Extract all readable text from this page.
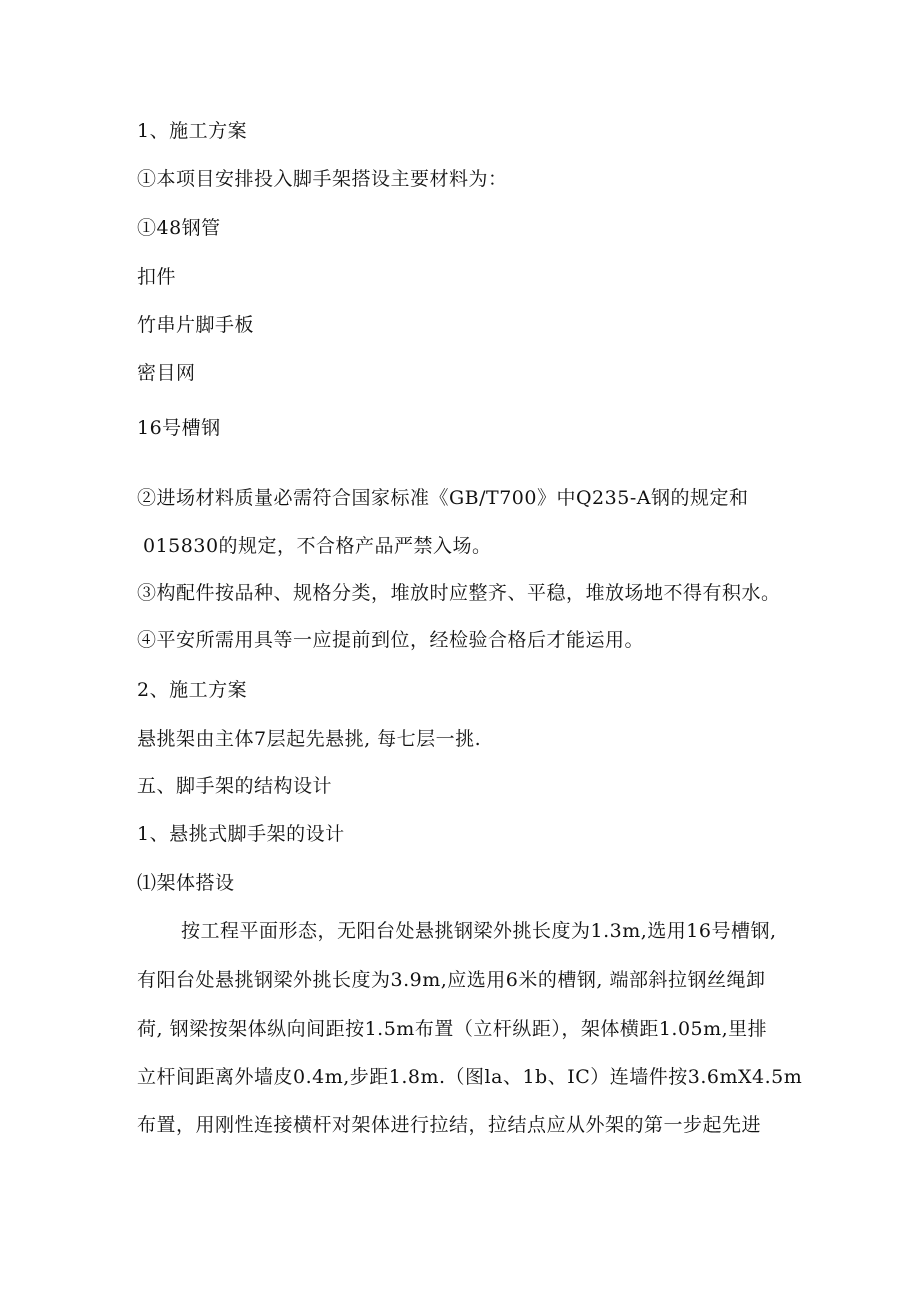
1、施工方案
①本项目安排投入脚手架搭设主要材料为：
①48钢管
扣件
竹串片脚手板
密目网
16号槽钢
②进场材料质量必需符合国家标准《GB/T700》中Q235-A钢的规定和
015830的规定，不合格产品严禁入场。
③构配件按品种、规格分类，堆放时应整齐、平稳，堆放场地不得有积水。
④平安所需用具等一应提前到位，经检验合格后才能运用。
2、施工方案
悬挑架由主体7层起先悬挑, 每七层一挑.
五、脚手架的结构设计
1、悬挑式脚手架的设计
⑴架体搭设
按工程平面形态，无阳台处悬挑钢梁外挑长度为1.3m,选用16号槽钢,
有阳台处悬挑钢梁外挑长度为3.9m,应选用6米的槽钢, 端部斜拉钢丝绳卸
荷, 钢梁按架体纵向间距按1.5m布置（立杆纵距），架体横距1.05m,里排
立杆间距离外墙皮0.4m,步距1.8m.（图la、1b、IC）连墙件按3.6mX4.5m
布置，用刚性连接横杆对架体进行拉结，拉结点应从外架的第一步起先进
